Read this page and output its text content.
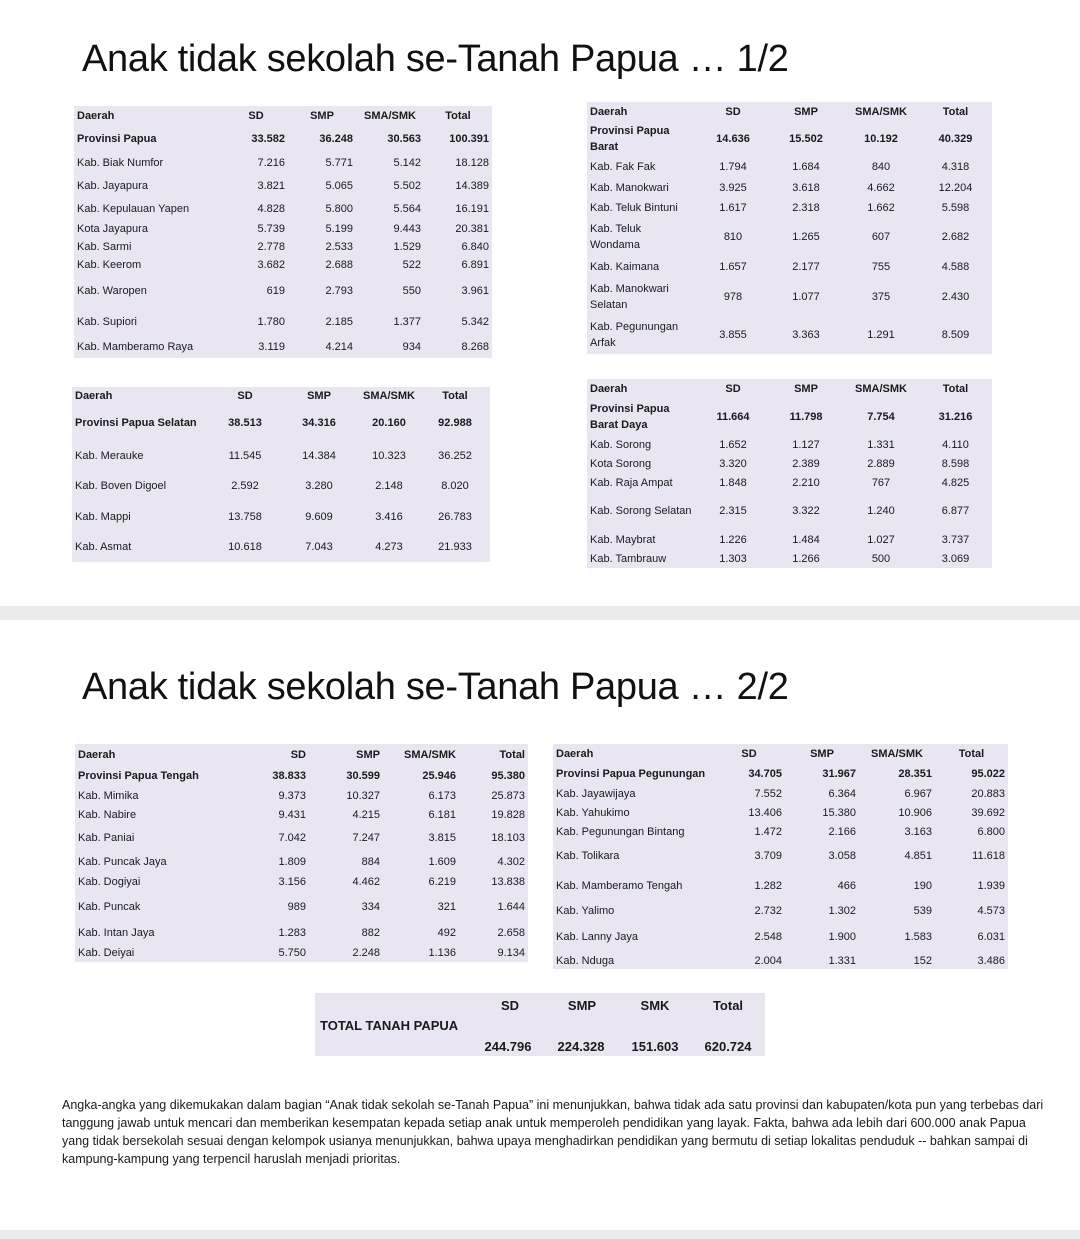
Anak tidak sekolah se-Tanah Papua … 1/2
Daerah	SD	SMP	SMA/SMK	Total
Provinsi Papua	33.582	36.248	30.563	100.391
Kab. Biak Numfor	7.216	5.771	5.142	18.128
Kab. Jayapura	3.821	5.065	5.502	14.389
Kab. Kepulauan Yapen	4.828	5.800	5.564	16.191
Kota Jayapura	5.739	5.199	9.443	20.381
Kab. Sarmi	2.778	2.533	1.529	6.840
Kab. Keerom	3.682	2.688	522	6.891
Kab. Waropen	619	2.793	550	3.961
Kab. Supiori	1.780	2.185	1.377	5.342
Kab. Mamberamo Raya	3.119	4.214	934	8.268
Daerah	SD	SMP	SMA/SMK	Total
Provinsi Papua Selatan	38.513	34.316	20.160	92.988
Kab. Merauke	11.545	14.384	10.323	36.252
Kab. Boven Digoel	2.592	3.280	2.148	8.020
Kab. Mappi	13.758	9.609	3.416	26.783
Kab. Asmat	10.618	7.043	4.273	21.933
Daerah	SD	SMP	SMA/SMK	Total
Provinsi Papua Barat	14.636	15.502	10.192	40.329
Kab. Fak Fak	1.794	1.684	840	4.318
Kab. Manokwari	3.925	3.618	4.662	12.204
Kab. Teluk Bintuni	1.617	2.318	1.662	5.598
Kab. Teluk Wondama	810	1.265	607	2.682
Kab. Kaimana	1.657	2.177	755	4.588
Kab. Manokwari Selatan	978	1.077	375	2.430
Kab. Pegunungan Arfak	3.855	3.363	1.291	8.509
Daerah	SD	SMP	SMA/SMK	Total
Provinsi Papua Barat Daya	11.664	11.798	7.754	31.216
Kab. Sorong	1.652	1.127	1.331	4.110
Kota Sorong	3.320	2.389	2.889	8.598
Kab. Raja Ampat	1.848	2.210	767	4.825
Kab. Sorong Selatan	2.315	3.322	1.240	6.877
Kab. Maybrat	1.226	1.484	1.027	3.737
Kab. Tambrauw	1.303	1.266	500	3.069
Anak tidak sekolah se-Tanah Papua … 2/2
Daerah	SD	SMP	SMA/SMK	Total
Provinsi Papua Tengah	38.833	30.599	25.946	95.380
Kab. Mimika	9.373	10.327	6.173	25.873
Kab. Nabire	9.431	4.215	6.181	19.828
Kab. Paniai	7.042	7.247	3.815	18.103
Kab. Puncak Jaya	1.809	884	1.609	4.302
Kab. Dogiyai	3.156	4.462	6.219	13.838
Kab. Puncak	989	334	321	1.644
Kab. Intan Jaya	1.283	882	492	2.658
Kab. Deiyai	5.750	2.248	1.136	9.134
Daerah	SD	SMP	SMA/SMK	Total
Provinsi Papua Pegunungan	34.705	31.967	28.351	95.022
Kab. Jayawijaya	7.552	6.364	6.967	20.883
Kab. Yahukimo	13.406	15.380	10.906	39.692
Kab. Pegunungan Bintang	1.472	2.166	3.163	6.800
Kab. Tolikara	3.709	3.058	4.851	11.618
Kab. Mamberamo Tengah	1.282	466	190	1.939
Kab. Yalimo	2.732	1.302	539	4.573
Kab. Lanny Jaya	2.548	1.900	1.583	6.031
Kab. Nduga	2.004	1.331	152	3.486
TOTAL TANAH PAPUA
SD	SMP	SMK	Total
244.796	224.328	151.603	620.724

Angka-angka yang dikemukakan dalam bagian “Anak tidak sekolah se-Tanah Papua” ini menunjukkan, bahwa tidak ada satu provinsi dan kabupaten/kota pun yang terbebas dari tanggung jawab untuk mencari dan memberikan kesempatan kepada setiap anak untuk memperoleh pendidikan yang layak. Fakta, bahwa ada lebih dari 600.000 anak Papua yang tidak bersekolah sesuai dengan kelompok usianya menunjukkan, bahwa upaya menghadirkan pendidikan yang bermutu di setiap lokalitas penduduk -- bahkan sampai di kampung-kampung yang terpencil haruslah menjadi prioritas.
